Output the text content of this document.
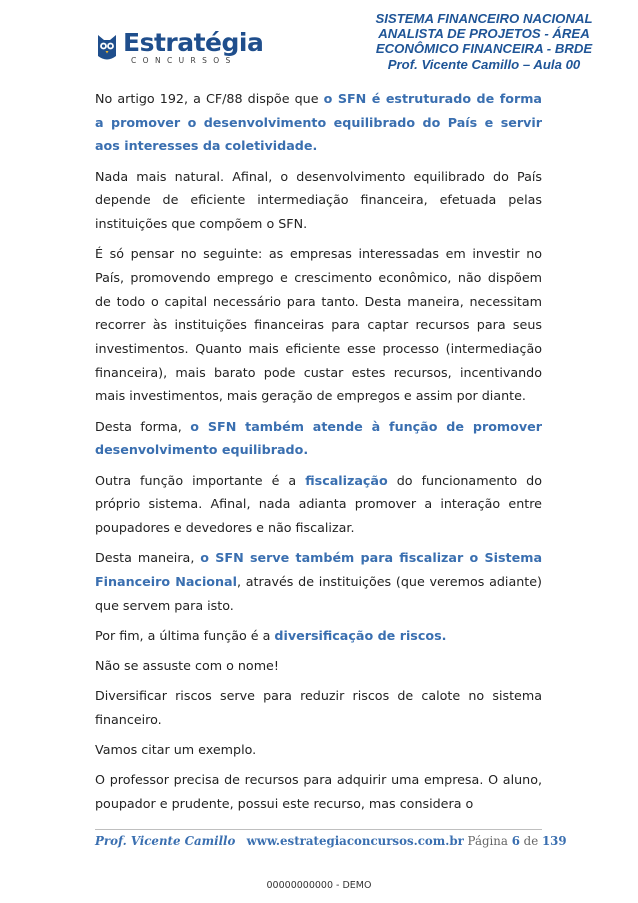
Estratégia
CONCURSOS
SISTEMA FINANCEIRO NACIONAL
ANALISTA DE PROJETOS - ÁREA
ECONÔMICO FINANCEIRA - BRDE
Prof. Vicente Camillo – Aula 00

No artigo 192, a CF/88 dispõe que o SFN é estruturado de forma a promover o desenvolvimento equilibrado do País e servir aos interesses da coletividade.

Nada mais natural. Afinal, o desenvolvimento equilibrado do País depende de eficiente intermediação financeira, efetuada pelas instituições que compõem o SFN.

É só pensar no seguinte: as empresas interessadas em investir no País, promovendo emprego e crescimento econômico, não dispõem de todo o capital necessário para tanto. Desta maneira, necessitam recorrer às instituições financeiras para captar recursos para seus investimentos. Quanto mais eficiente esse processo (intermediação financeira), mais barato pode custar estes recursos, incentivando mais investimentos, mais geração de empregos e assim por diante.

Desta forma, o SFN também atende à função de promover desenvolvimento equilibrado.

Outra função importante é a fiscalização do funcionamento do próprio sistema. Afinal, nada adianta promover a interação entre poupadores e devedores e não fiscalizar.

Desta maneira, o SFN serve também para fiscalizar o Sistema Financeiro Nacional, através de instituições (que veremos adiante) que servem para isto.

Por fim, a última função é a diversificação de riscos.

Não se assuste com o nome!

Diversificar riscos serve para reduzir riscos de calote no sistema financeiro.

Vamos citar um exemplo.

O professor precisa de recursos para adquirir uma empresa. O aluno, poupador e prudente, possui este recurso, mas considera o

Prof. Vicente Camillo www.estrategiaconcursos.com.br Página 6 de 139
00000000000 - DEMO
